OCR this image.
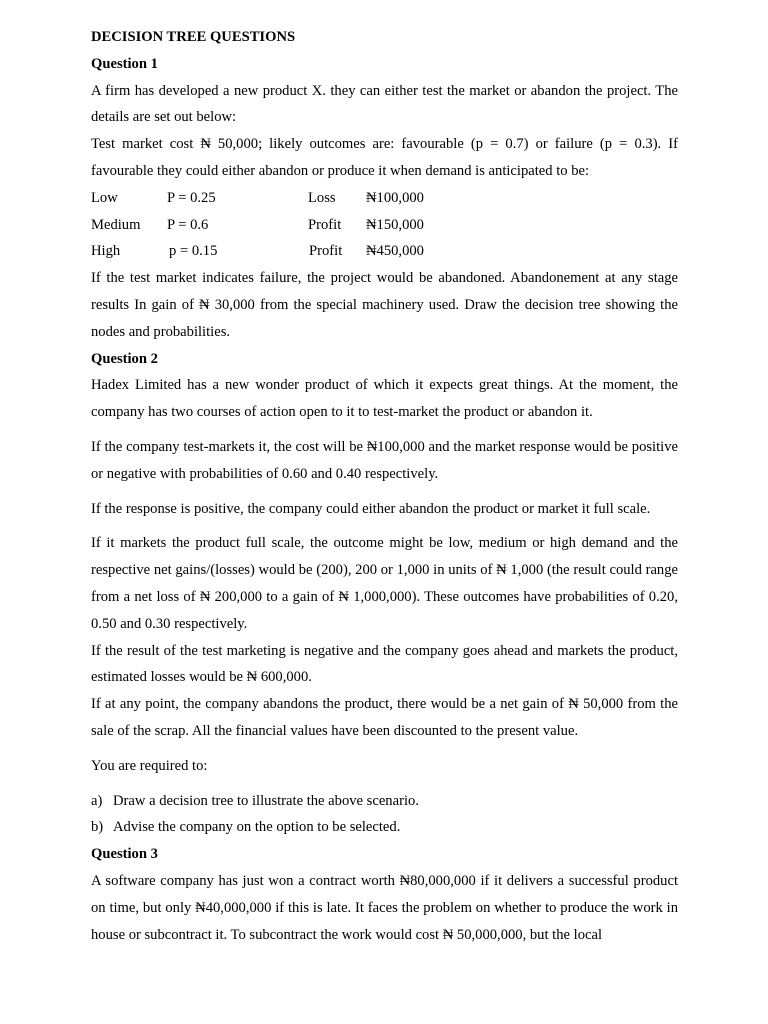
DECISION TREE QUESTIONS

Question 1

A firm has developed a new product X. they can either test the market or abandon the project. The details are set out below:

Test market cost ₦ 50,000; likely outcomes are: favourable (p = 0.7) or failure (p = 0.3). If favourable they could either abandon or produce it when demand is anticipated to be:

Low	P = 0.25	Loss	₦100,000
Medium	P = 0.6	Profit	₦150,000
High	p = 0.15	Profit	₦450,000

If the test market indicates failure, the project would be abandoned. Abandonement at any stage results In gain of ₦ 30,000 from the special machinery used. Draw the decision tree showing the nodes and probabilities.

Question 2

Hadex Limited has a new wonder product of which it expects great things. At the moment, the company has two courses of action open to it to test-market the product or abandon it.

If the company test-markets it, the cost will be ₦100,000 and the market response would be positive or negative with probabilities of 0.60 and 0.40 respectively.

If the response is positive, the company could either abandon the product or market it full scale.

If it markets the product full scale, the outcome might be low, medium or high demand and the respective net gains/(losses) would be (200), 200 or 1,000 in units of ₦ 1,000 (the result could range from a net loss of ₦ 200,000 to a gain of ₦ 1,000,000). These outcomes have probabilities of 0.20, 0.50 and 0.30 respectively.

If the result of the test marketing is negative and the company goes ahead and markets the product, estimated losses would be ₦ 600,000.

If at any point, the company abandons the product, there would be a net gain of ₦ 50,000 from the sale of the scrap. All the financial values have been discounted to the present value.

You are required to:

a) Draw a decision tree to illustrate the above scenario.
b) Advise the company on the option to be selected.

Question 3

A software company has just won a contract worth ₦80,000,000 if it delivers a successful product on time, but only ₦40,000,000 if this is late. It faces the problem on whether to produce the work in house or subcontract it. To subcontract the work would cost ₦ 50,000,000, but the local
